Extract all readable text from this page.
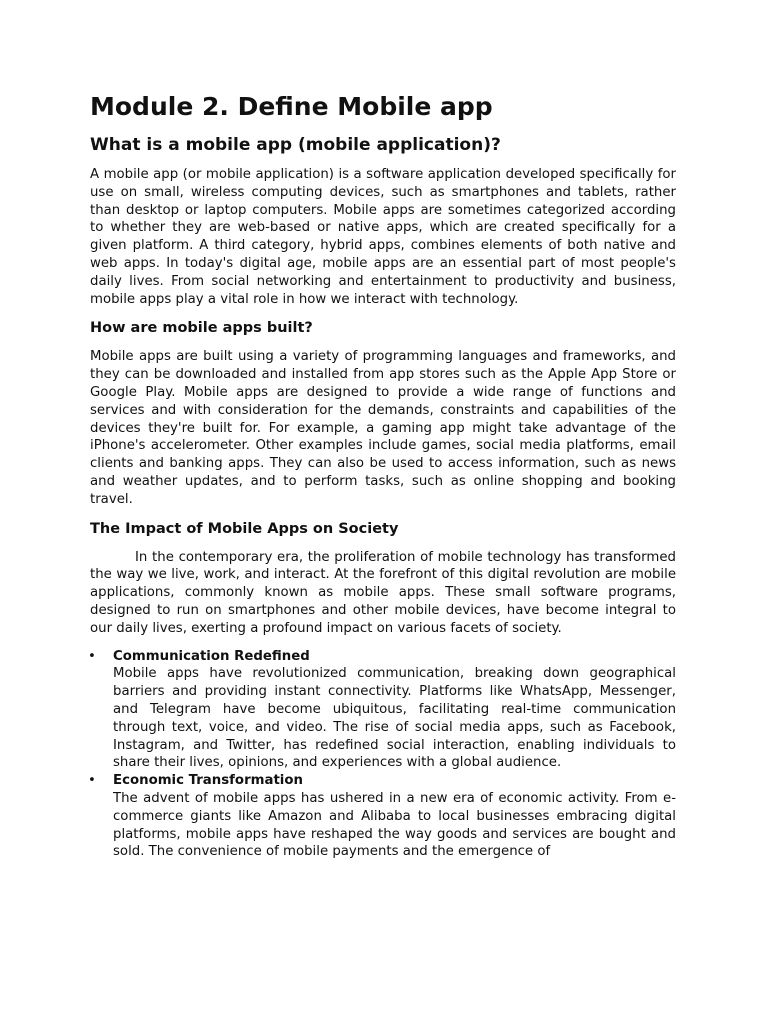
Module 2. Define Mobile app
What is a mobile app (mobile application)?

A mobile app (or mobile application) is a software application developed specifically for use on small, wireless computing devices, such as smartphones and tablets, rather than desktop or laptop computers. Mobile apps are sometimes categorized according to whether they are web-based or native apps, which are created specifically for a given platform. A third category, hybrid apps, combines elements of both native and web apps. In today's digital age, mobile apps are an essential part of most people's daily lives. From social networking and entertainment to productivity and business, mobile apps play a vital role in how we interact with technology.

How are mobile apps built?

Mobile apps are built using a variety of programming languages and frameworks, and they can be downloaded and installed from app stores such as the Apple App Store or Google Play. Mobile apps are designed to provide a wide range of functions and services and with consideration for the demands, constraints and capabilities of the devices they're built for. For example, a gaming app might take advantage of the iPhone's accelerometer. Other examples include games, social media platforms, email clients and banking apps. They can also be used to access information, such as news and weather updates, and to perform tasks, such as online shopping and booking travel.

The Impact of Mobile Apps on Society

In the contemporary era, the proliferation of mobile technology has transformed the way we live, work, and interact. At the forefront of this digital revolution are mobile applications, commonly known as mobile apps. These small software programs, designed to run on smartphones and other mobile devices, have become integral to our daily lives, exerting a profound impact on various facets of society.

• Communication Redefined

Mobile apps have revolutionized communication, breaking down geographical barriers and providing instant connectivity. Platforms like WhatsApp, Messenger, and Telegram have become ubiquitous, facilitating real-time communication through text, voice, and video. The rise of social media apps, such as Facebook, Instagram, and Twitter, has redefined social interaction, enabling individuals to share their lives, opinions, and experiences with a global audience.

• Economic Transformation

The advent of mobile apps has ushered in a new era of economic activity. From e-commerce giants like Amazon and Alibaba to local businesses embracing digital platforms, mobile apps have reshaped the way goods and services are bought and sold. The convenience of mobile payments and the emergence of
